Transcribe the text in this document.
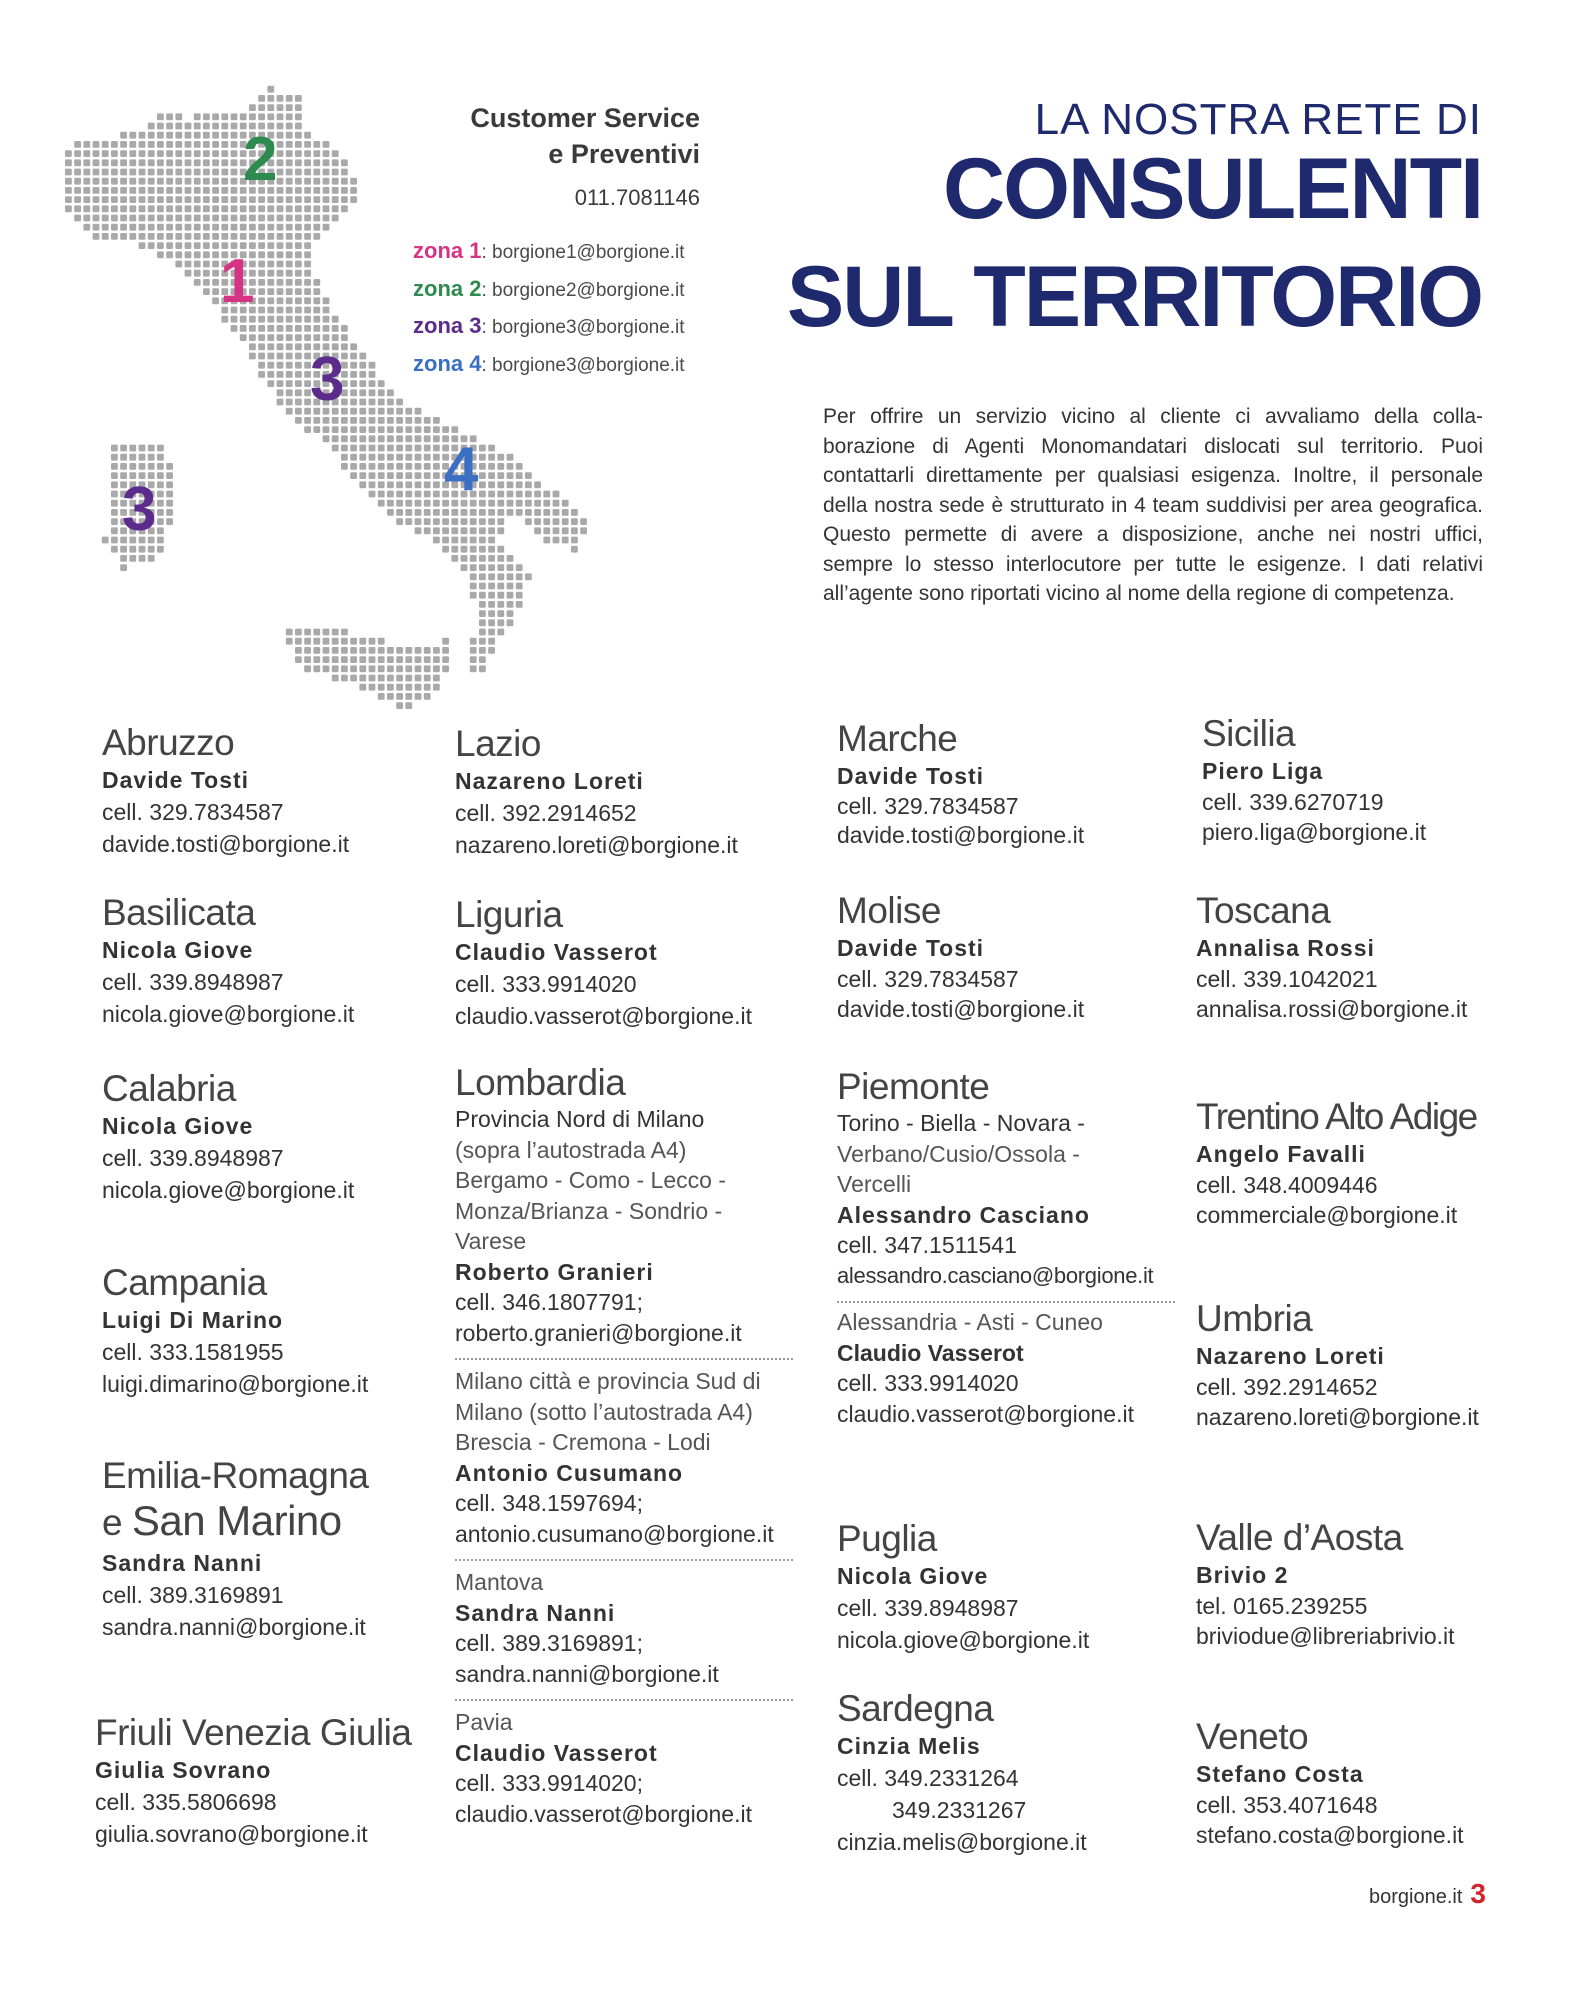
2
1
3
3
4
Customer Service
e Preventivi
011.7081146
zona 1: borgione1@borgione.it
zona 2: borgione2@borgione.it
zona 3: borgione3@borgione.it
zona 4: borgione3@borgione.it
LA NOSTRA RETE DI
CONSULENTI
SUL TERRITORIO
Per offrire un servizio vicino al cliente ci avvaliamo della colla-borazione di Agenti Monomandatari dislocati sul territorio. Puoi contattarli direttamente per qualsiasi esigenza. Inoltre, il personale della nostra sede è strutturato in 4 team suddivisi per area geografica. Questo permette di avere a disposizione, anche nei nostri uffici, sempre lo stesso interlocutore per tutte le esigenze. I dati relativi all’agente sono riportati vicino al nome della regione di competenza.
Abruzzo
Davide Tosti
cell. 329.7834587
davide.tosti@borgione.it
Basilicata
Nicola Giove
cell. 339.8948987
nicola.giove@borgione.it
Calabria
Nicola Giove
cell. 339.8948987
nicola.giove@borgione.it
Campania
Luigi Di Marino
cell. 333.1581955
luigi.dimarino@borgione.it
Emilia-Romagna
e San Marino
Sandra Nanni
cell. 389.3169891
sandra.nanni@borgione.it
Friuli Venezia Giulia
Giulia Sovrano
cell. 335.5806698
giulia.sovrano@borgione.it
Lazio
Nazareno Loreti
cell. 392.2914652
nazareno.loreti@borgione.it
Liguria
Claudio Vasserot
cell. 333.9914020
claudio.vasserot@borgione.it
Lombardia
Provincia Nord di Milano
(sopra l’autostrada A4)
Bergamo - Como - Lecco -
Monza/Brianza - Sondrio -
Varese
Roberto Granieri
cell. 346.1807791;
roberto.granieri@borgione.it
Milano città e provincia Sud di
Milano (sotto l’autostrada A4)
Brescia - Cremona - Lodi
Antonio Cusumano
cell. 348.1597694;
antonio.cusumano@borgione.it
Mantova
Sandra Nanni
cell. 389.3169891;
sandra.nanni@borgione.it
Pavia
Claudio Vasserot
cell. 333.9914020;
claudio.vasserot@borgione.it
Marche
Davide Tosti
cell. 329.7834587
davide.tosti@borgione.it
Molise
Davide Tosti
cell. 329.7834587
davide.tosti@borgione.it
Piemonte
Torino - Biella - Novara -
Verbano/Cusio/Ossola -
Vercelli
Alessandro Casciano
cell. 347.1511541
alessandro.casciano@borgione.it
Alessandria - Asti - Cuneo
Claudio Vasserot
cell. 333.9914020
claudio.vasserot@borgione.it
Puglia
Nicola Giove
cell. 339.8948987
nicola.giove@borgione.it
Sardegna
Cinzia Melis
cell. 349.2331264
349.2331267
cinzia.melis@borgione.it
Sicilia
Piero Liga
cell. 339.6270719
piero.liga@borgione.it
Toscana
Annalisa Rossi
cell. 339.1042021
annalisa.rossi@borgione.it
Trentino Alto Adige
Angelo Favalli
cell. 348.4009446
commerciale@borgione.it
Umbria
Nazareno Loreti
cell. 392.2914652
nazareno.loreti@borgione.it
Valle d’Aosta
Brivio 2
tel. 0165.239255
briviodue@libreriabrivio.it
Veneto
Stefano Costa
cell. 353.4071648
stefano.costa@borgione.it
borgione.it 3
